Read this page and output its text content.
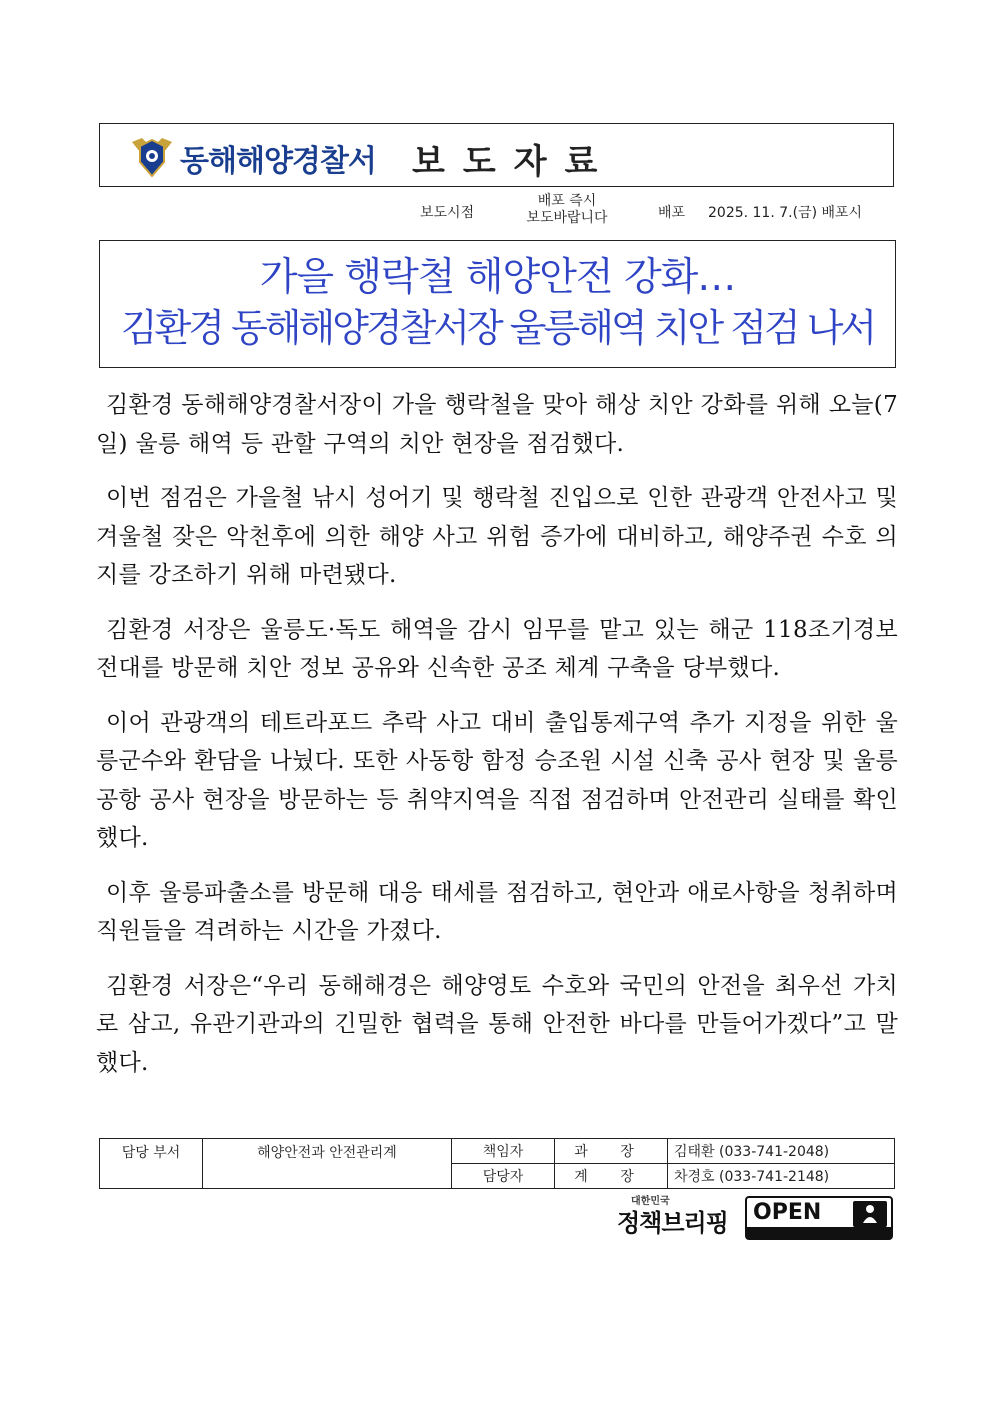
동해해양경찰서 보도자료
보도시점
배포 즉시
보도바랍니다	배포 2025. 11. 7.(금) 배포시
가을 행락철 해양안전 강화…
김환경 동해해양경찰서장 울릉해역 치안 점검 나서

김환경 동해해양경찰서장이 가을 행락철을 맞아 해상 치안 강화를 위해 오늘(7일) 울릉 해역 등 관할 구역의 치안 현장을 점검했다.

이번 점검은 가을철 낚시 성어기 및 행락철 진입으로 인한 관광객 안전사고 및 겨울철 잦은 악천후에 의한 해양 사고 위험 증가에 대비하고, 해양주권 수호 의지를 강조하기 위해 마련됐다.

김환경 서장은 울릉도·독도 해역을 감시 임무를 맡고 있는 해군 118조기경보전대를 방문해 치안 정보 공유와 신속한 공조 체계 구축을 당부했다.

이어 관광객의 테트라포드 추락 사고 대비 출입통제구역 추가 지정을 위한 울릉군수와 환담을 나눴다. 또한 사동항 함정 승조원 시설 신축 공사 현장 및 울릉 공항 공사 현장을 방문하는 등 취약지역을 직접 점검하며 안전관리 실태를 확인했다.

이후 울릉파출소를 방문해 대응 태세를 점검하고, 현안과 애로사항을 청취하며 직원들을 격려하는 시간을 가졌다.

김환경 서장은“우리 동해해경은 해양영토 수호와 국민의 안전을 최우선 가치로 삼고, 유관기관과의 긴밀한 협력을 통해 안전한 바다를 만들어가겠다”고 말했다.

담당 부서	해양안전과 안전관리계	책임자	과 장	김태환 (033-741-2048)
		담당자	계 장	차경호 (033-741-2148)
대한민국
정책브리핑 OPEN
